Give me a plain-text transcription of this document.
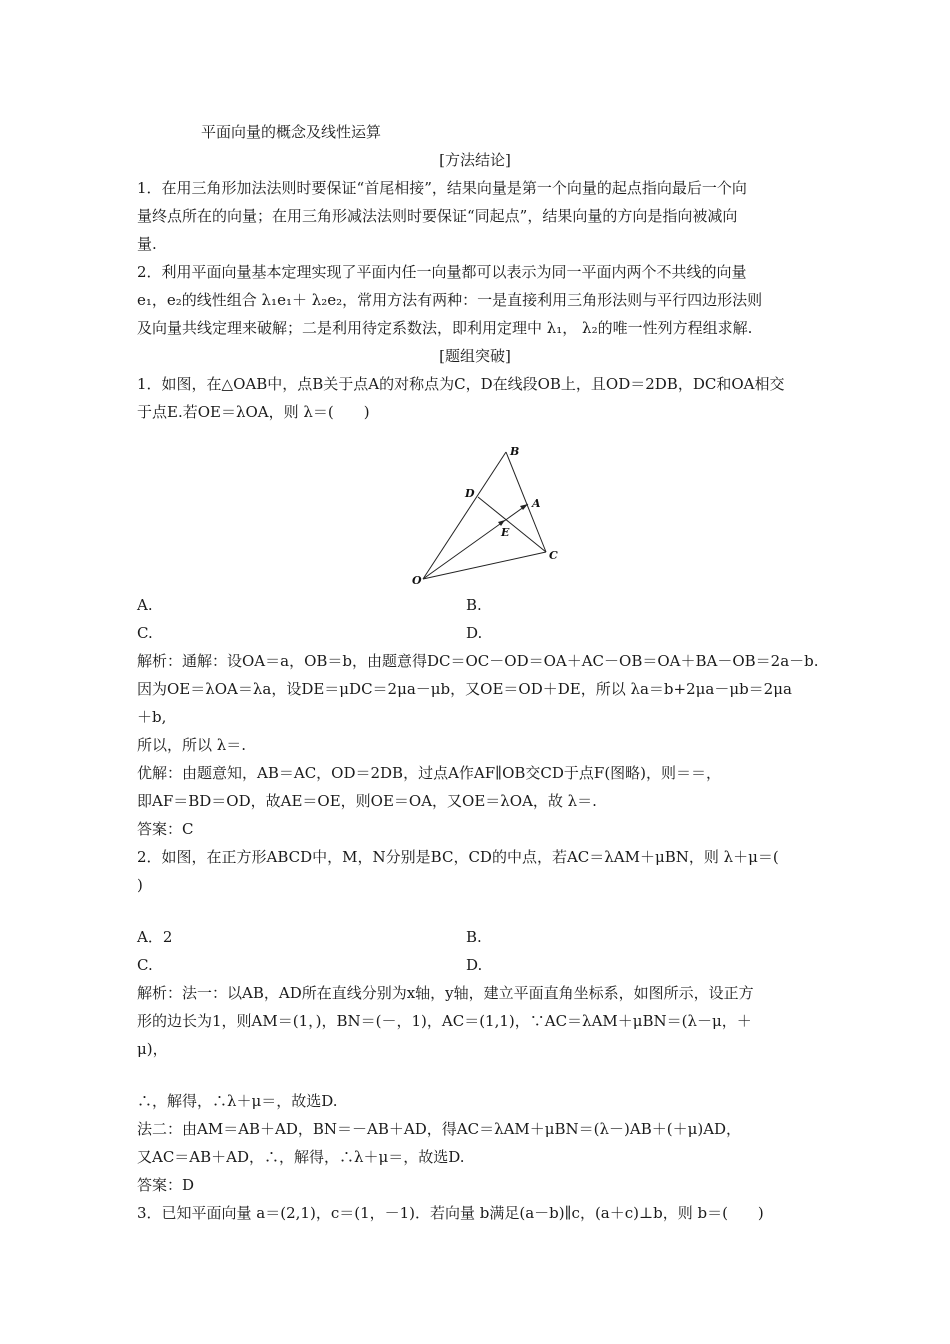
平面向量的概念及线性运算
[方法结论]
1．在用三角形加法法则时要保证“首尾相接”，结果向量是第一个向量的起点指向最后一个向
量终点所在的向量；在用三角形减法法则时要保证“同起点”，结果向量的方向是指向被减向
量.
2．利用平面向量基本定理实现了平面内任一向量都可以表示为同一平面内两个不共线的向量
e₁，e₂的线性组合 λ₁e₁＋ λ₂e₂，常用方法有两种：一是直接利用三角形法则与平行四边形法则
及向量共线定理来破解；二是利用待定系数法，即利用定理中 λ₁， λ₂的唯一性列方程组求解.
[题组突破]
1．如图，在△OAB中，点B关于点A的对称点为C，D在线段OB上，且OD＝2DB，DC和OA相交
于点E.若OE＝λOA，则 λ＝(　　)
B
D
A
E
C
O
A.	B.
C.	D.
解析：通解：设OA＝a，OB＝b，由题意得DC＝OC－OD＝OA＋AC－OB＝OA＋BA－OB＝2a－b.
因为OE＝λOA＝λa，设DE＝μDC＝2μa－μb，又OE＝OD＋DE，所以 λa＝b+2μa－μb＝2μa
＋b,
所以，所以 λ＝.
优解：由题意知，AB＝AC，OD＝2DB，过点A作AF∥OB交CD于点F(图略)，则＝＝，
即AF＝BD＝OD，故AE＝OE，则OE＝OA，又OE＝λOA，故 λ＝.
答案：C
2．如图，在正方形ABCD中，M，N分别是BC，CD的中点，若AC＝λAM＋μBN，则 λ＋μ＝(
)
A．2	B.
C.	D.
解析：法一：以AB，AD所在直线分别为x轴，y轴，建立平面直角坐标系，如图所示，设正方
形的边长为1，则AM＝(1，)，BN＝(－，1)，AC＝(1,1)，∵AC＝λAM＋μBN＝(λ－μ，＋
μ)，
∴，解得，∴λ＋μ＝，故选D.
法二：由AM＝AB＋AD，BN＝－AB＋AD，得AC＝λAM＋μBN＝(λ－)AB＋(＋μ)AD，
又AC＝AB＋AD，∴，解得，∴λ＋μ＝，故选D.
答案：D
3．已知平面向量 a＝(2,1)，c＝(1，－1)．若向量 b满足(a－b)∥c，(a＋c)⊥b，则 b＝(　　)
